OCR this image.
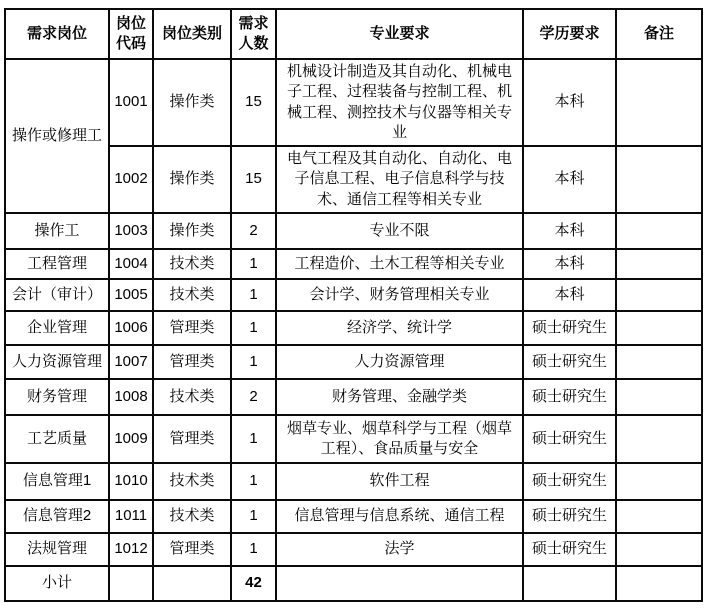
需求岗位	岗位代码	岗位类别	需求人数	专业要求	学历要求	备注
操作或修理工	1001	操作类	15	机械设计制造及其自动化、机械电子工程、过程装备与控制工程、机械工程、测控技术与仪器等相关专业	本科	
	1002	操作类	15	电气工程及其自动化、自动化、电子信息工程、电子信息科学与技术、通信工程等相关专业	本科	
操作工	1003	操作类	2	专业不限	本科	
工程管理	1004	技术类	1	工程造价、土木工程等相关专业	本科	
会计（审计）	1005	技术类	1	会计学、财务管理相关专业	本科	
企业管理	1006	管理类	1	经济学、统计学	硕士研究生	
人力资源管理	1007	管理类	1	人力资源管理	硕士研究生	
财务管理	1008	技术类	2	财务管理、金融学类	硕士研究生	
工艺质量	1009	管理类	1	烟草专业、烟草科学与工程（烟草工程）、食品质量与安全	硕士研究生	
信息管理1	1010	技术类	1	软件工程	硕士研究生	
信息管理2	1011	技术类	1	信息管理与信息系统、通信工程	硕士研究生	
法规管理	1012	管理类	1	法学	硕士研究生	
小计			42			
